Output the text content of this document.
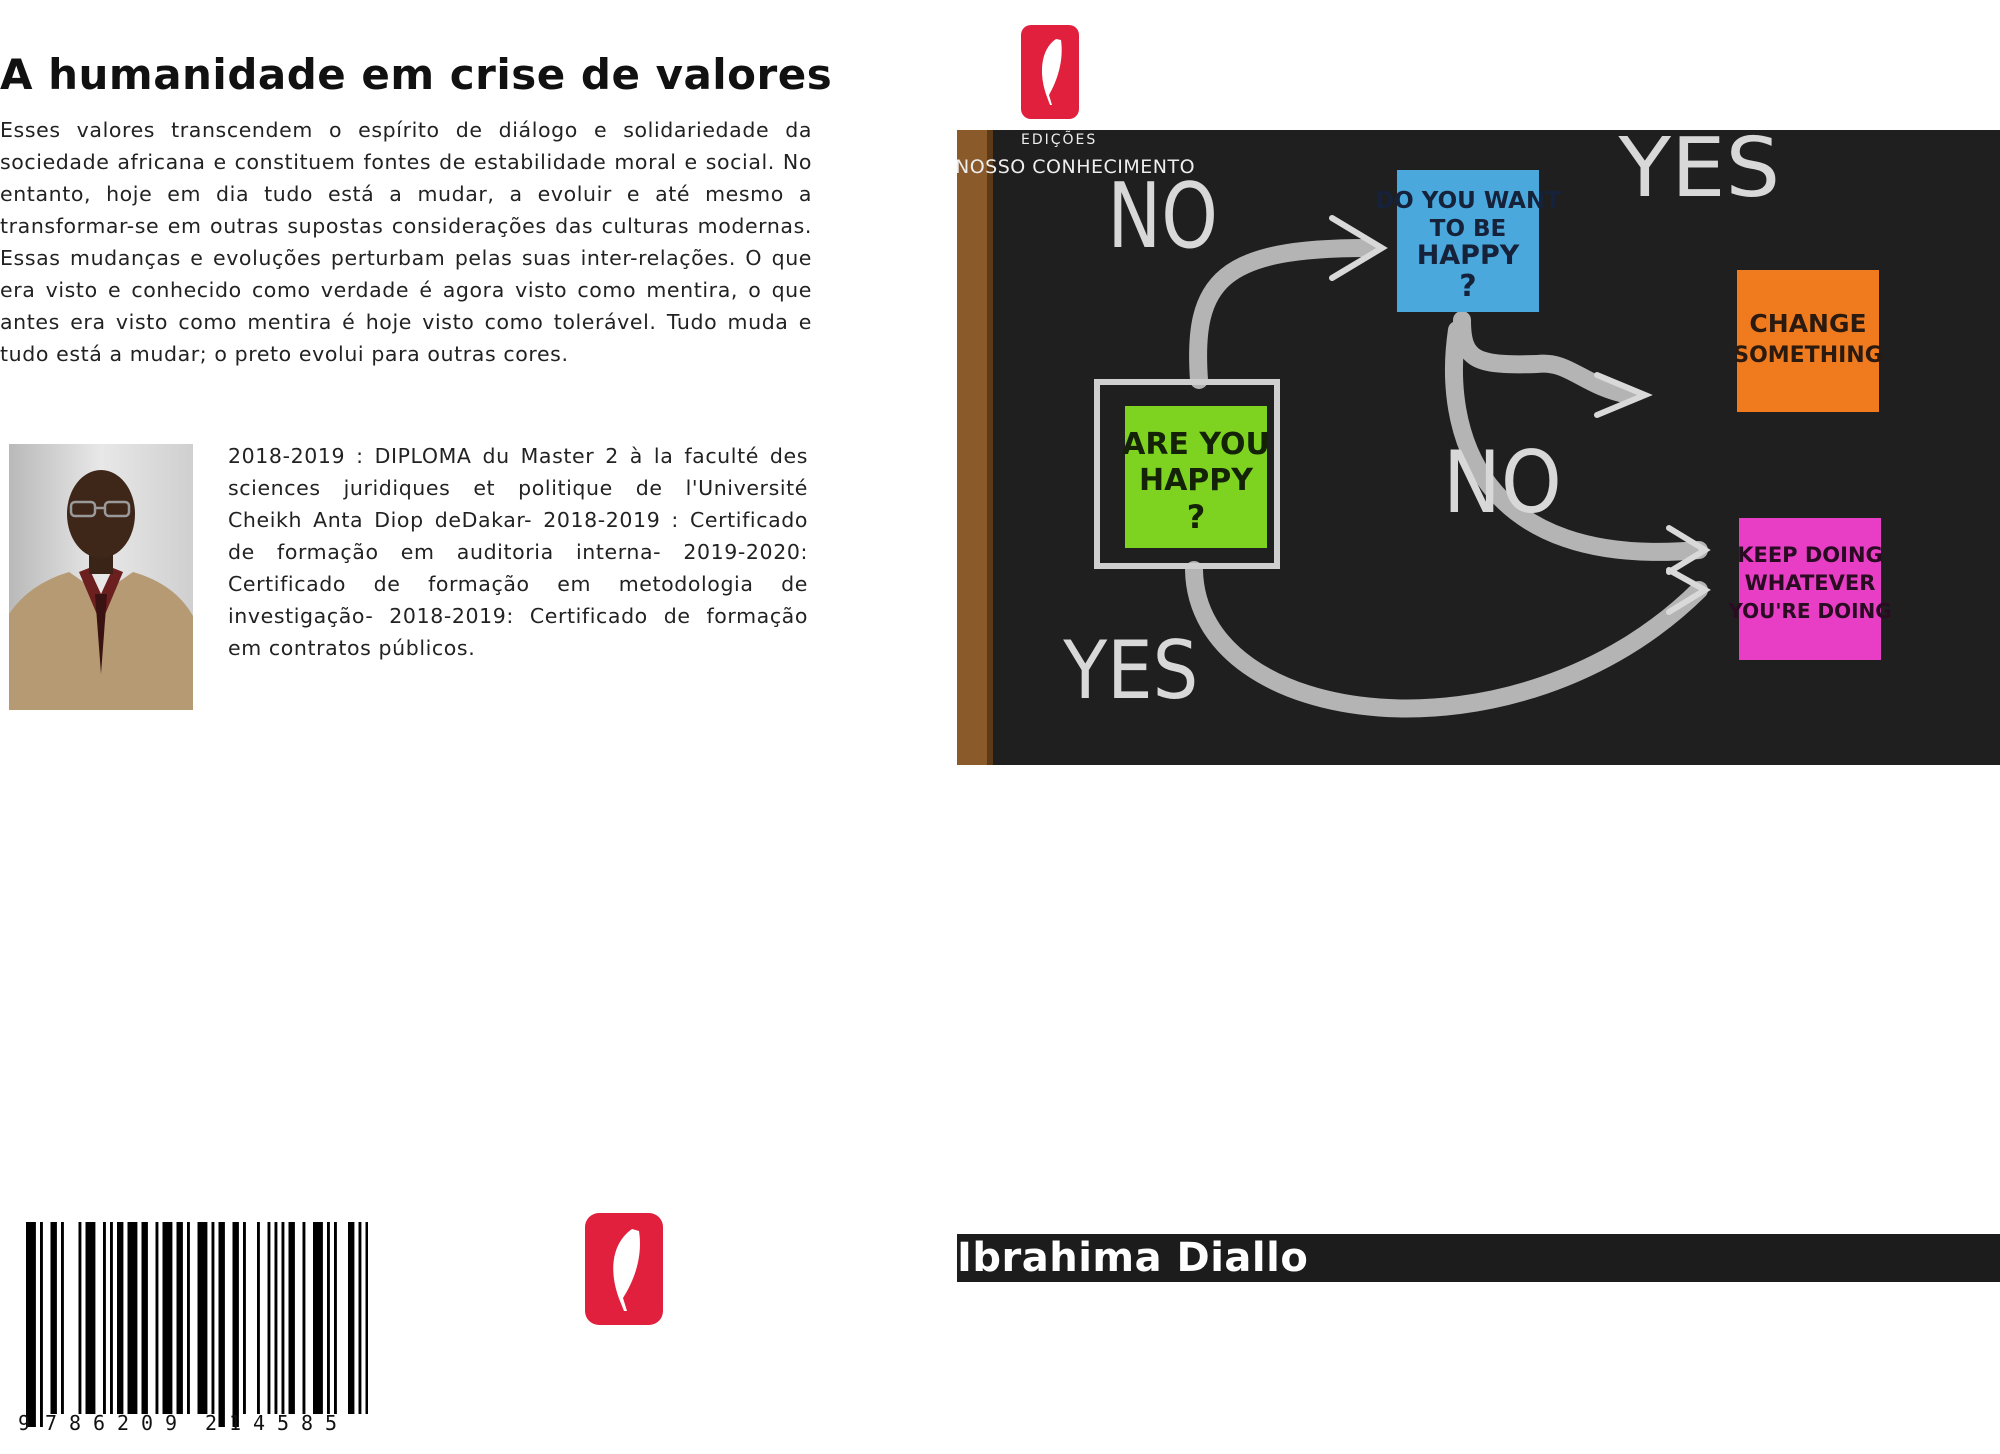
A humanidade em crise de valores

Esses valores transcendem o espírito de diálogo e solidariedade da sociedade africana e constituem fontes de estabilidade moral e social. No entanto, hoje em dia tudo está a mudar, a evoluir e até mesmo a transformar-se em outras supostas considerações das culturas modernas. Essas mudanças e evoluções perturbam pelas suas inter-relações. O que era visto e conhecido como verdade é agora visto como mentira, o que antes era visto como mentira é hoje visto como tolerável. Tudo muda e tudo está a mudar; o preto evolui para outras cores.

2018-2019 : DIPLOMA du Master 2 à la faculté des sciences juridiques et politique de l'Université Cheikh Anta Diop deDakar- 2018-2019 : Certificado de formação em auditoria interna- 2019-2020: Certificado de formação em metodologia de investigação- 2018-2019: Certificado de formação em contratos públicos.

9 7 8 6 2 0 9 2 1 4 5 8 5
NO	YES
NO
YES
DO YOU WANT
TO BE
HAPPY
?
CHANGE
SOMETHING
ARE YOU
HAPPY
?
KEEP DOING
WHATEVER
YOU'RE DOING
EDIÇÕES
NOSSO CONHECIMENTO
Ibrahima Diallo
